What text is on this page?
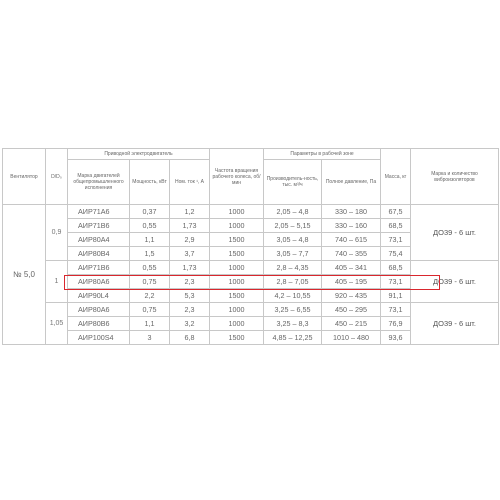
Вентилятор	D/D₀	Приводной электродвигатель			Частота вращения рабочего колеса, об/мин	Параметры в рабочей зоне		Масса, кг	Марка и количество виброизоляторов
		Марка двигателей общепромышленного исполнения	Мощность, кВт	Ном. ток ¹, А		Производитель-ность, тыс. м³/ч	Полное давление, Па		
№ 5,0	0,9	АИР71А6	0,37	1,2	1000	2,05 – 4,8	330 – 180	67,5	ДО39 - 6 шт.
		АИР71В6	0,55	1,73	1000	2,05 – 5,15	330 – 160	68,5	
		АИР80А4	1,1	2,9	1500	3,05 – 4,8	740 – 615	73,1	
		АИР80В4	1,5	3,7	1500	3,05 – 7,7	740 – 355	75,4	
	1	АИР71В6	0,55	1,73	1000	2,8 – 4,35	405 – 341	68,5	ДО39 - 6 шт.
		АИР80А6	0,75	2,3	1000	2,8 – 7,05	405 – 195	73,1	
		АИР90L4	2,2	5,3	1500	4,2 – 10,55	920 – 435	91,1	
	1,05	АИР80А6	0,75	2,3	1000	3,25 – 6,55	450 – 295	73,1	ДО39 - 6 шт.
		АИР80В6	1,1	3,2	1000	3,25 – 8,3	450 – 215	76,9	
		АИР100S4	3	6,8	1500	4,85 – 12,25	1010 – 480	93,6	
